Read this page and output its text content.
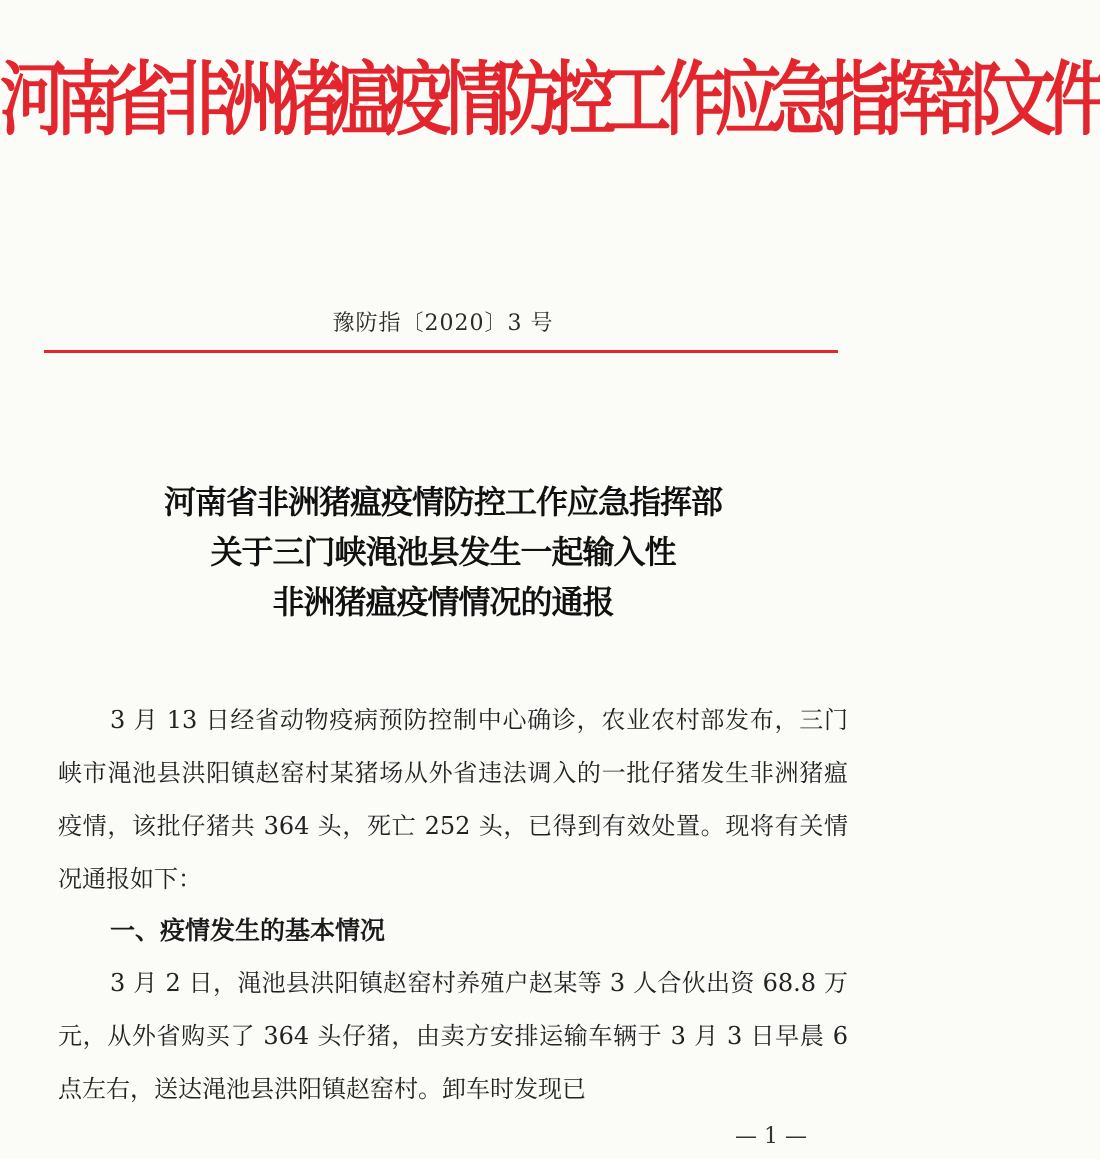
河南省非洲猪瘟疫情防控工作应急指挥部文件
豫防指〔2020〕3 号
河南省非洲猪瘟疫情防控工作应急指挥部
关于三门峡渑池县发生一起输入性
非洲猪瘟疫情情况的通报

3 月 13 日经省动物疫病预防控制中心确诊，农业农村部发布，三门峡市渑池县洪阳镇赵窑村某猪场从外省违法调入的一批仔猪发生非洲猪瘟疫情，该批仔猪共 364 头，死亡 252 头，已得到有效处置。现将有关情况通报如下：

一、疫情发生的基本情况

3 月 2 日，渑池县洪阳镇赵窑村养殖户赵某等 3 人合伙出资 68.8 万元，从外省购买了 364 头仔猪，由卖方安排运输车辆于 3 月 3 日早晨 6 点左右，送达渑池县洪阳镇赵窑村。卸车时发现已

— 1 —
